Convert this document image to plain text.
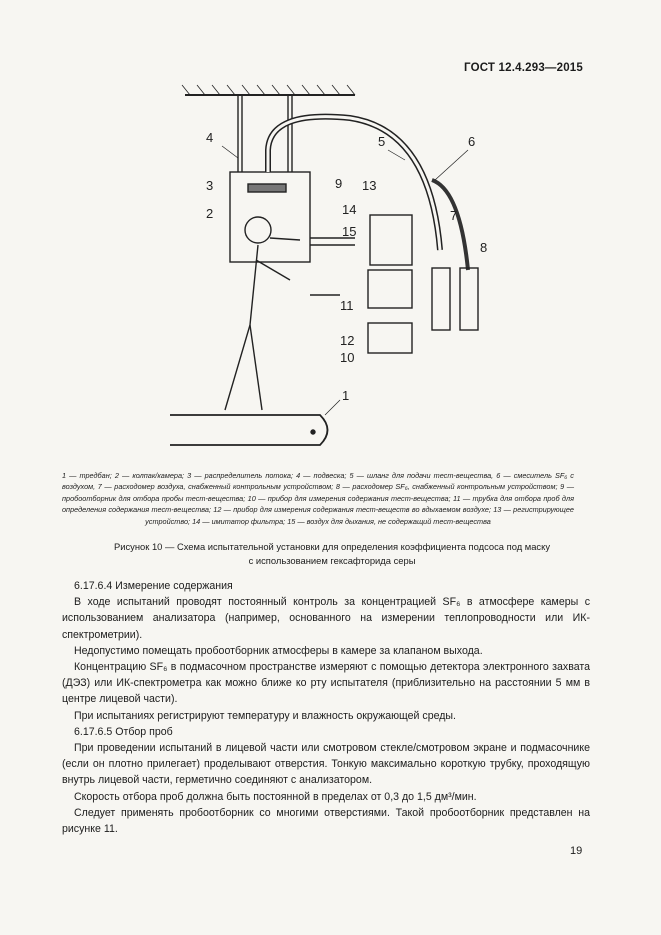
ГОСТ 12.4.293—2015
4
3
2
5	6
9 13
14
15
11
12
10
7
8
1
1 — тредбан; 2 — колпак/камера; 3 — распределитель потока; 4 — подвеска; 5 — шланг для подачи тест-вещества, 6 — смеситель SF₆ с воздухом, 7 — расходомер воздуха, снабженный контрольным устройством; 8 — расходомер SF₆, снабженный контрольным устройством; 9 — пробоотборник для отбора пробы тест-вещества; 10 — прибор для измерения содержания тест-вещества; 11 — трубка для отбора проб для определения содержания тест-вещества; 12 — прибор для измерения содержания тест-веществ во вдыхаемом воздухе; 13 — регистрирующее устройство; 14 — имитатор фильтра; 15 — воздух для дыхания, не содержащий тест-вещества
Рисунок 10 — Схема испытательной установки для определения коэффициента подсоса под маску
с использованием гексафторида серы

6.17.6.4 Измерение содержания

В ходе испытаний проводят постоянный контроль за концентрацией SF₆ в атмосфере камеры с использованием анализатора (например, основанного на измерении теплопроводности или ИК-спектрометрии).

Недопустимо помещать пробоотборник атмосферы в камере за клапаном выхода.

Концентрацию SF₆ в подмасочном пространстве измеряют с помощью детектора электронного захвата (ДЭЗ) или ИК-спектрометра как можно ближе ко рту испытателя (приблизительно на расстоянии 5 мм в центре лицевой части).

При испытаниях регистрируют температуру и влажность окружающей среды.

6.17.6.5 Отбор проб

При проведении испытаний в лицевой части или смотровом стекле/смотровом экране и подмасочнике (если он плотно прилегает) проделывают отверстия. Тонкую максимально короткую трубку, проходящую внутрь лицевой части, герметично соединяют с анализатором.

Скорость отбора проб должна быть постоянной в пределах от 0,3 до 1,5 дм³/мин.

Следует применять пробоотборник со многими отверстиями. Такой пробоотборник представлен на рисунке 11.

19
